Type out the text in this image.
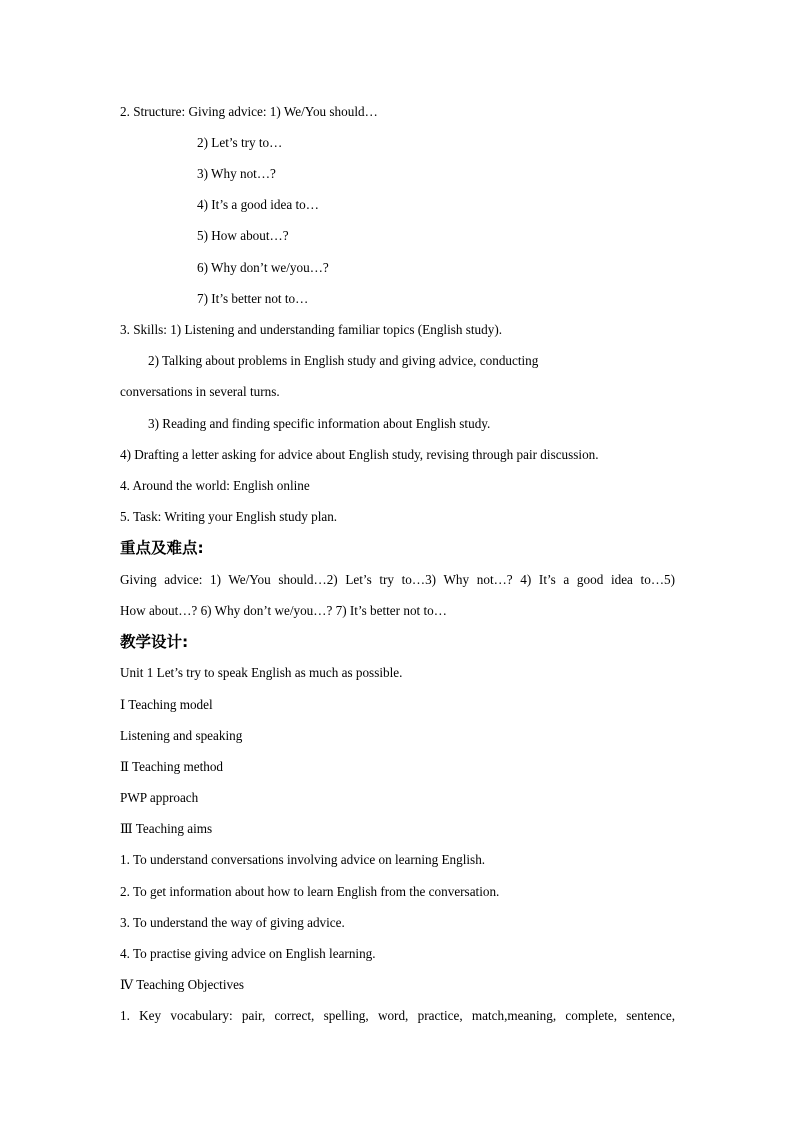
2. Structure: Giving advice: 1) We/You should…
2) Let’s try to…
3) Why not…?
4) It’s a good idea to…
5) How about…?
6) Why don’t we/you…?
7) It’s better not to…
3. Skills: 1) Listening and understanding familiar topics (English study).
2) Talking about problems in English study and giving advice, conducting
conversations in several turns.
3) Reading and finding specific information about English study.
4) Drafting a letter asking for advice about English study, revising through pair discussion.
4. Around the world: English online
5. Task: Writing your English study plan.
重点及难点:
Giving advice: 1) We/You should…2) Let’s try to…3) Why not…? 4) It’s a good idea to…5)
How about…? 6) Why don’t we/you…? 7) It’s better not to…
教学设计:
Unit 1 Let’s try to speak English as much as possible.
Ⅰ Teaching model
Listening and speaking
Ⅱ Teaching method
PWP approach
Ⅲ Teaching aims
1. To understand conversations involving advice on learning English.
2. To get information about how to learn English from the conversation.
3. To understand the way of giving advice.
4. To practise giving advice on English learning.
Ⅳ Teaching Objectives
1. Key vocabulary: pair, correct, spelling, word, practice, match,meaning, complete, sentence,
